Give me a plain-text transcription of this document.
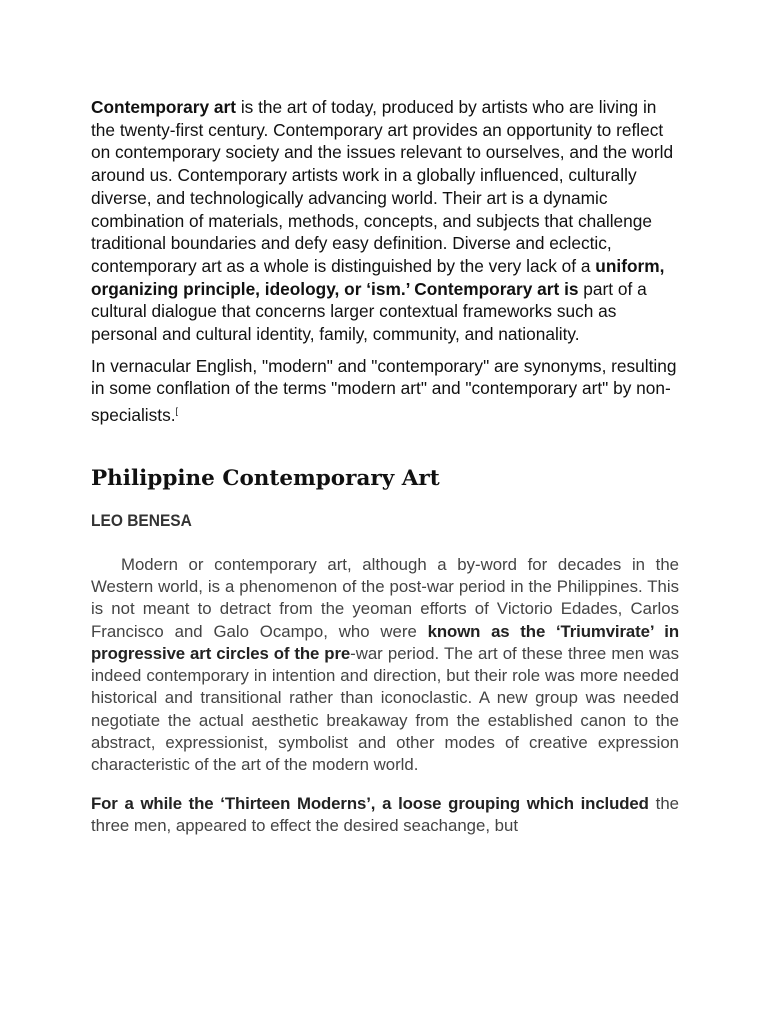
Contemporary art is the art of today, produced by artists who are living in the twenty-first century. Contemporary art provides an opportunity to reflect on contemporary society and the issues relevant to ourselves, and the world around us. Contemporary artists work in a globally influenced, culturally diverse, and technologically advancing world. Their art is a dynamic combination of materials, methods, concepts, and subjects that challenge traditional boundaries and defy easy definition. Diverse and eclectic, contemporary art as a whole is distinguished by the very lack of a uniform, organizing principle, ideology, or ‘ism.’ Contemporary art is part of a cultural dialogue that concerns larger contextual frameworks such as personal and cultural identity, family, community, and nationality.

In vernacular English, "modern" and "contemporary" are synonyms, resulting in some conflation of the terms "modern art" and "contemporary art" by non-specialists.[

Philippine Contemporary Art
LEO BENESA

Modern or contemporary art, although a by-word for decades in the Western world, is a phenomenon of the post-war period in the Philippines. This is not meant to detract from the yeoman efforts of Victorio Edades, Carlos Francisco and Galo Ocampo, who were known as the ‘Triumvirate’ in progressive art circles of the pre-war period. The art of these three men was indeed contemporary in intention and direction, but their role was more needed historical and transitional rather than iconoclastic. A new group was needed negotiate the actual aesthetic breakaway from the established canon to the abstract, expressionist, symbolist and other modes of creative expression characteristic of the art of the modern world.

For a while the ‘Thirteen Moderns’, a loose grouping which included the three men, appeared to effect the desired seachange, but
